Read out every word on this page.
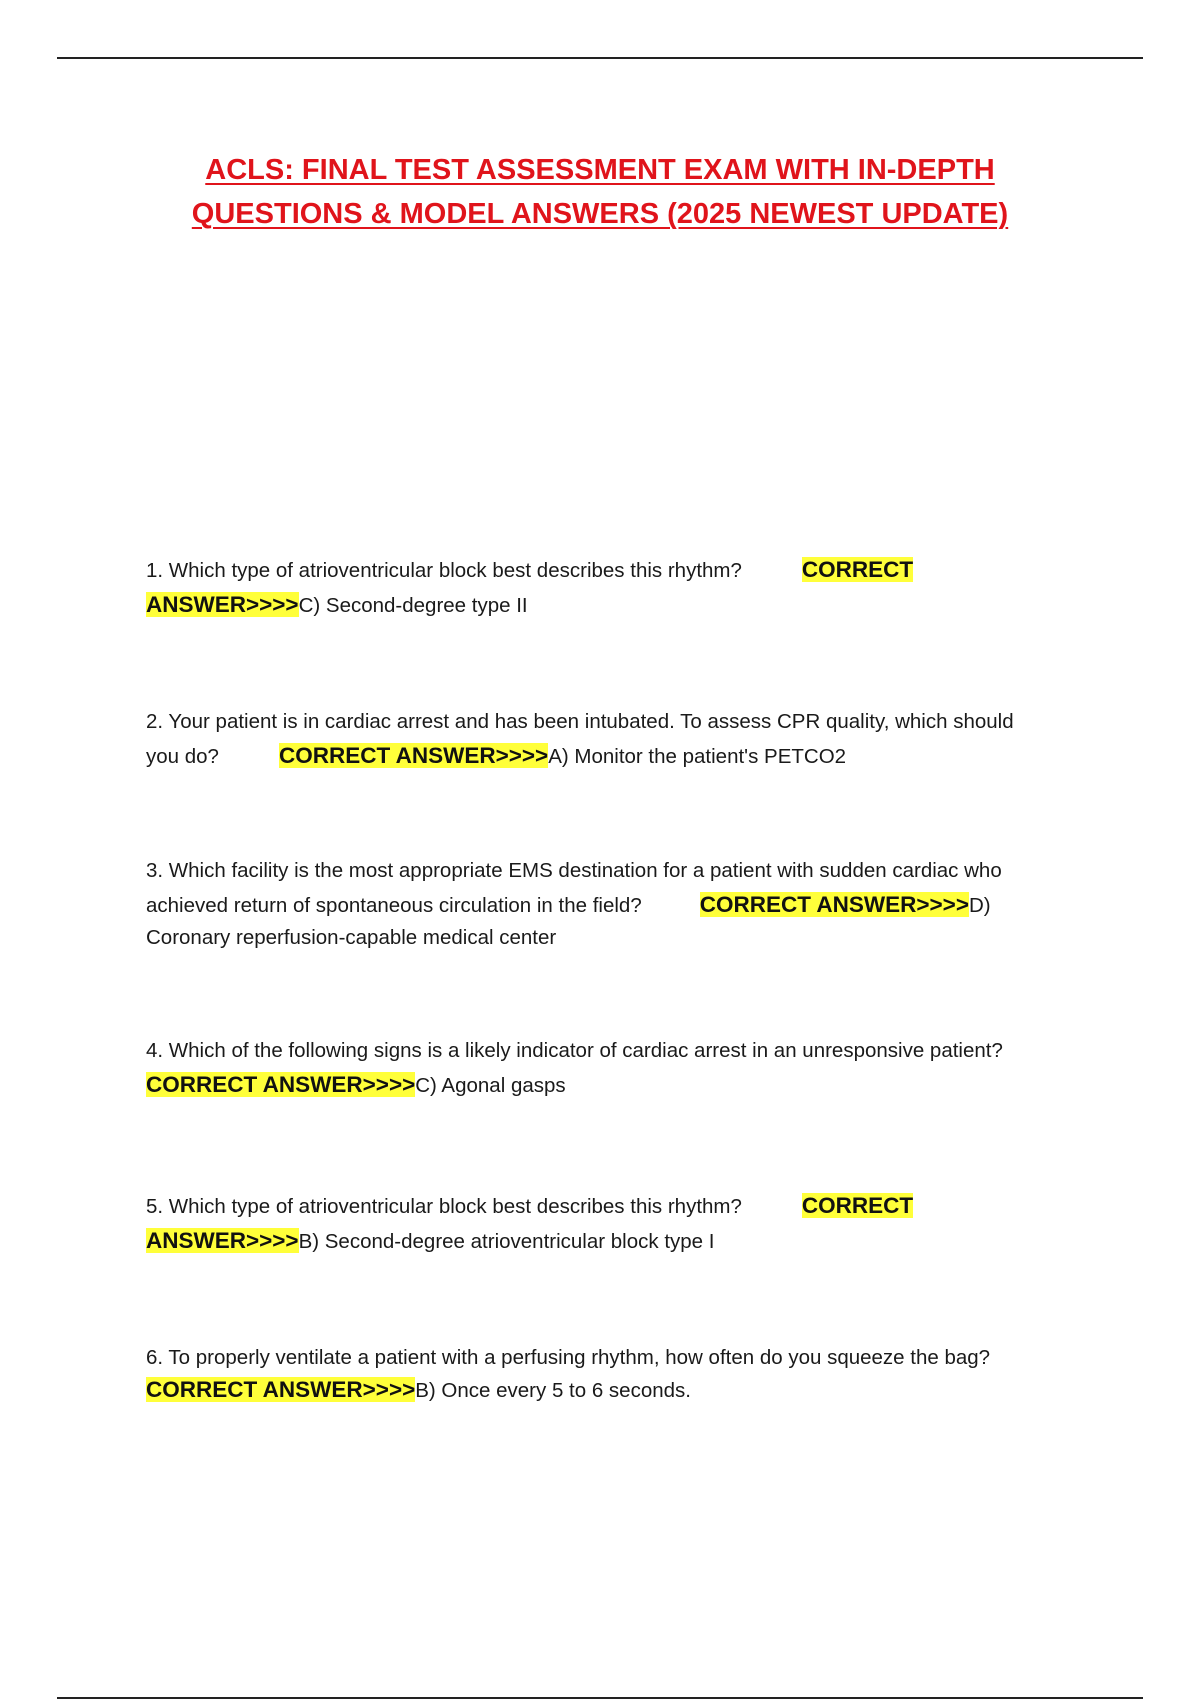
ACLS: FINAL TEST ASSESSMENT EXAM WITH IN-DEPTH
QUESTIONS & MODEL ANSWERS (2025 NEWEST UPDATE)
1. Which type of atrioventricular block best describes this rhythm?	CORRECT
ANSWER>>>>C) Second-degree type II
2. Your patient is in cardiac arrest and has been intubated. To assess CPR quality, which should
you do?	CORRECT ANSWER>>>>A) Monitor the patient's PETCO2
3. Which facility is the most appropriate EMS destination for a patient with sudden cardiac who
achieved return of spontaneous circulation in the field?	CORRECT ANSWER>>>>D)
Coronary reperfusion-capable medical center
4. Which of the following signs is a likely indicator of cardiac arrest in an unresponsive patient?
CORRECT ANSWER>>>>C) Agonal gasps
5. Which type of atrioventricular block best describes this rhythm?	CORRECT
ANSWER>>>>B) Second-degree atrioventricular block type I
6. To properly ventilate a patient with a perfusing rhythm, how often do you squeeze the bag?
CORRECT ANSWER>>>>B) Once every 5 to 6 seconds.
